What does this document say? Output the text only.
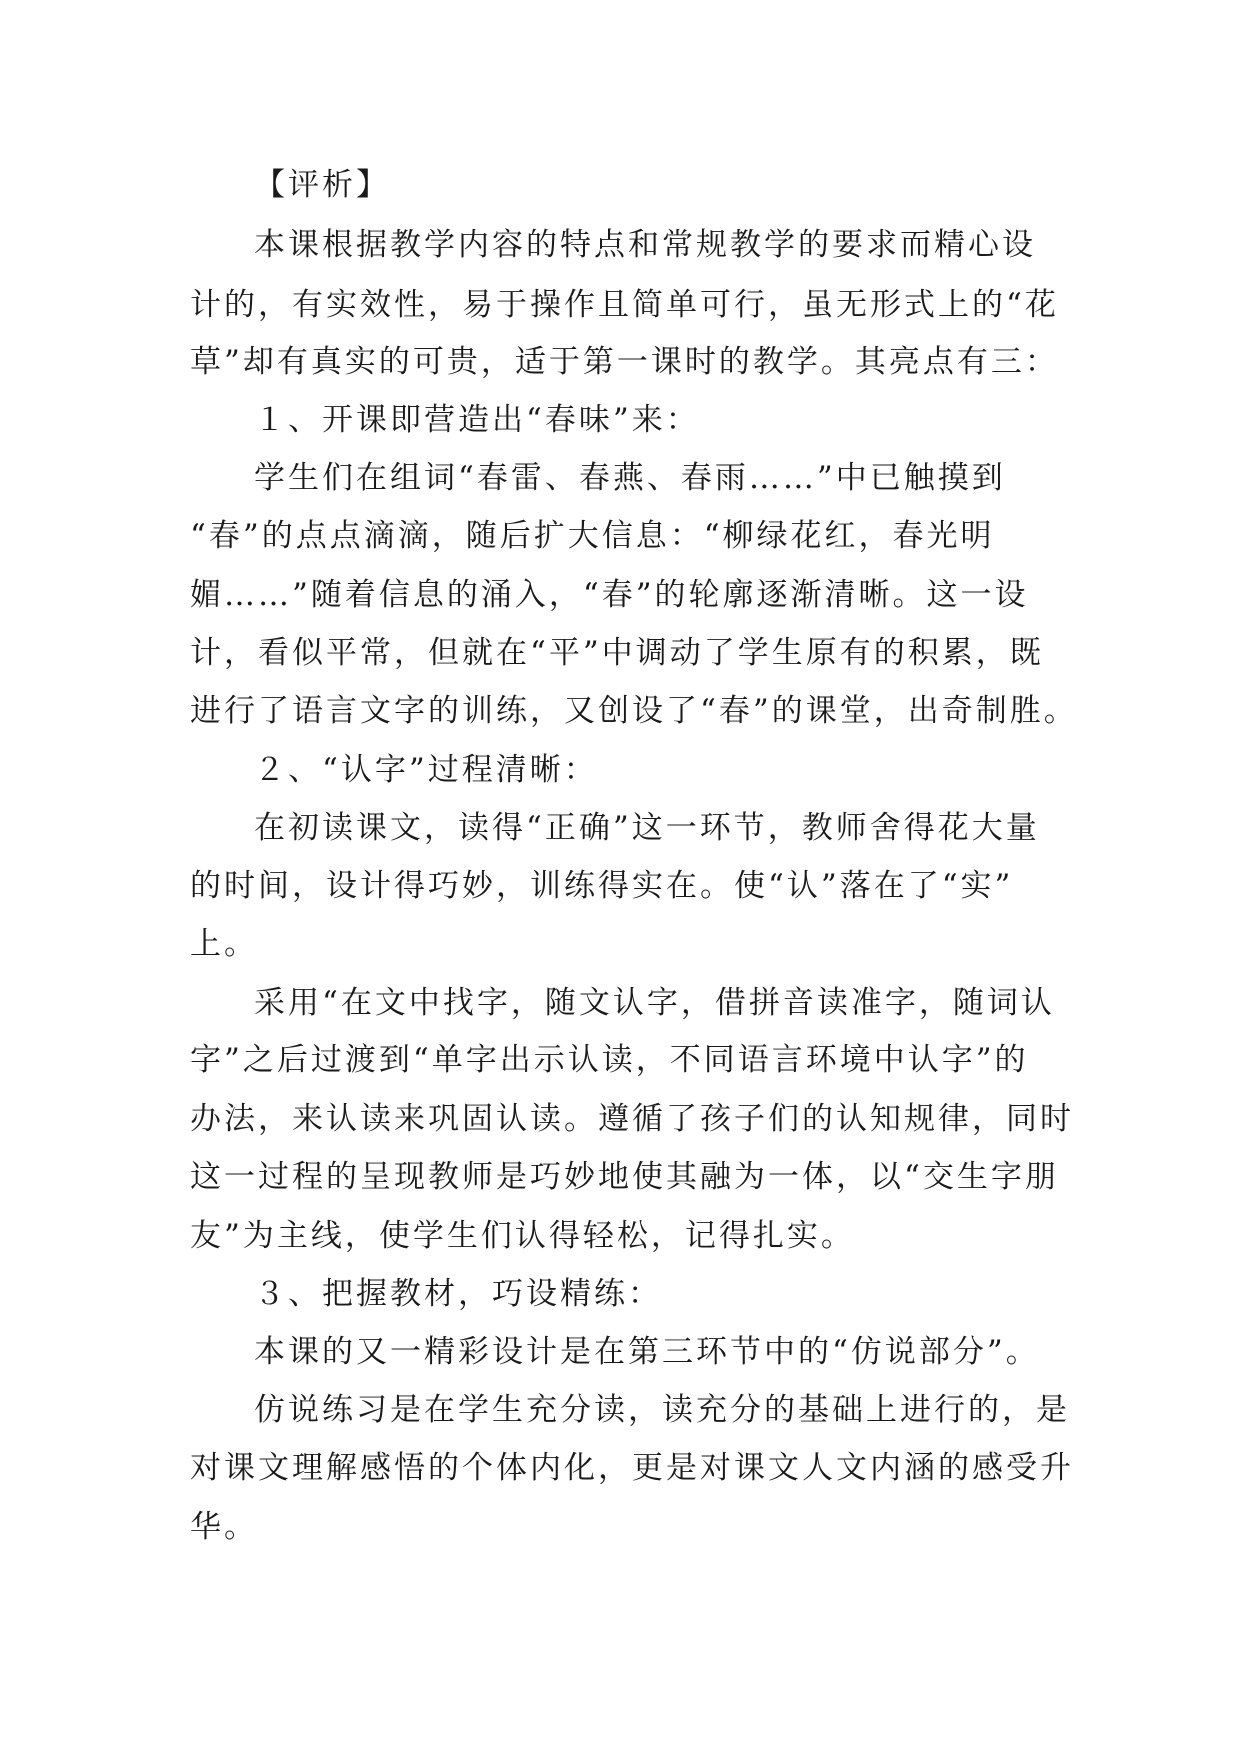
【评析】
本课根据教学内容的特点和常规教学的要求而精心设
计的，有实效性，易于操作且简单可行，虽无形式上的“花
草”却有真实的可贵，适于第一课时的教学。其亮点有三：
１、开课即营造出“春味”来：
学生们在组词“春雷、春燕、春雨……”中已触摸到
“春”的点点滴滴，随后扩大信息：“柳绿花红，春光明
媚……”随着信息的涌入，“春”的轮廓逐渐清晰。这一设
计，看似平常，但就在“平”中调动了学生原有的积累，既
进行了语言文字的训练，又创设了“春”的课堂，出奇制胜。
２、“认字”过程清晰：
在初读课文，读得“正确”这一环节，教师舍得花大量
的时间，设计得巧妙，训练得实在。使“认”落在了“实”
上。
采用“在文中找字，随文认字，借拼音读准字，随词认
字”之后过渡到“单字出示认读，不同语言环境中认字”的
办法，来认读来巩固认读。遵循了孩子们的认知规律，同时
这一过程的呈现教师是巧妙地使其融为一体，以“交生字朋
友”为主线，使学生们认得轻松，记得扎实。
３、把握教材，巧设精练：
本课的又一精彩设计是在第三环节中的“仿说部分”。
仿说练习是在学生充分读，读充分的基础上进行的，是
对课文理解感悟的个体内化，更是对课文人文内涵的感受升
华。
